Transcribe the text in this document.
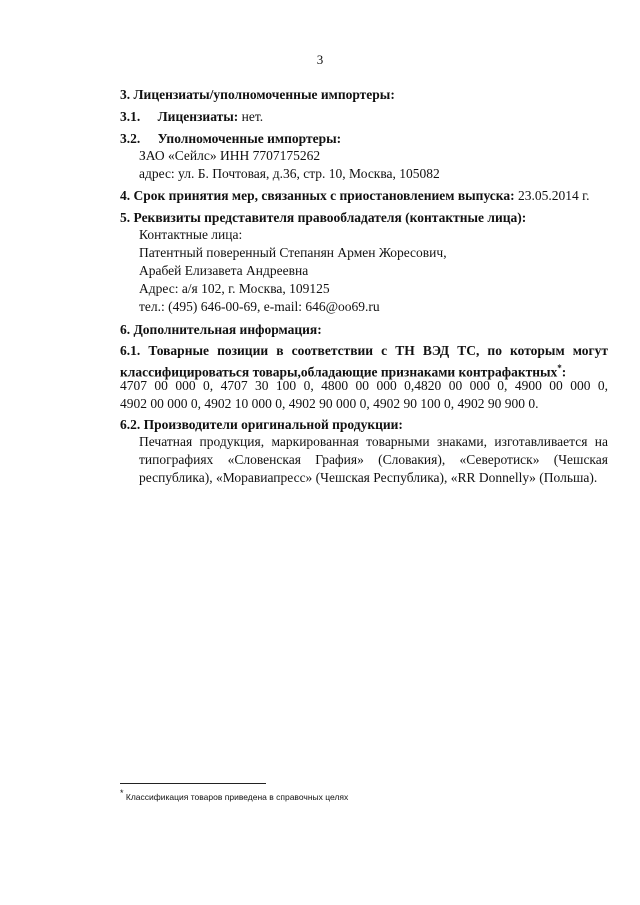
3
3. Лицензиаты/уполномоченные импортеры:
3.1. Лицензиаты: нет.
3.2. Уполномоченные импортеры:
ЗАО «Сейлс» ИНН 7707175262
адрес: ул. Б. Почтовая, д.36, стр. 10, Москва, 105082
4. Срок принятия мер, связанных с приостановлением выпуска: 23.05.2014 г.
5. Реквизиты представителя правообладателя (контактные лица):
Контактные лица:
Патентный поверенный Степанян Армен Жоресович,
Арабей Елизавета Андреевна
Адрес: а/я 102, г. Москва, 109125
тел.: (495) 646-00-69, e-mail: 646@oo69.ru
6. Дополнительная информация:
6.1. Товарные позиции в соответствии с ТН ВЭД ТС, по которым могут
классифицироваться товары,обладающие признаками контрафактных*:
4707 00 000 0, 4707 30 100 0, 4800 00 000 0,4820 00 000 0, 4900 00 000 0,
4902 00 000 0, 4902 10 000 0, 4902 90 000 0, 4902 90 100 0, 4902 90 900 0.
6.2. Производители оригинальной продукции:
Печатная продукция, маркированная товарными знаками, изготавливается на
типографиях «Словенская Графия» (Словакия), «Северотиск» (Чешская
республика), «Моравиапресс» (Чешская Республика), «RR Donnelly» (Польша).
* Классификация товаров приведена в справочных целях
